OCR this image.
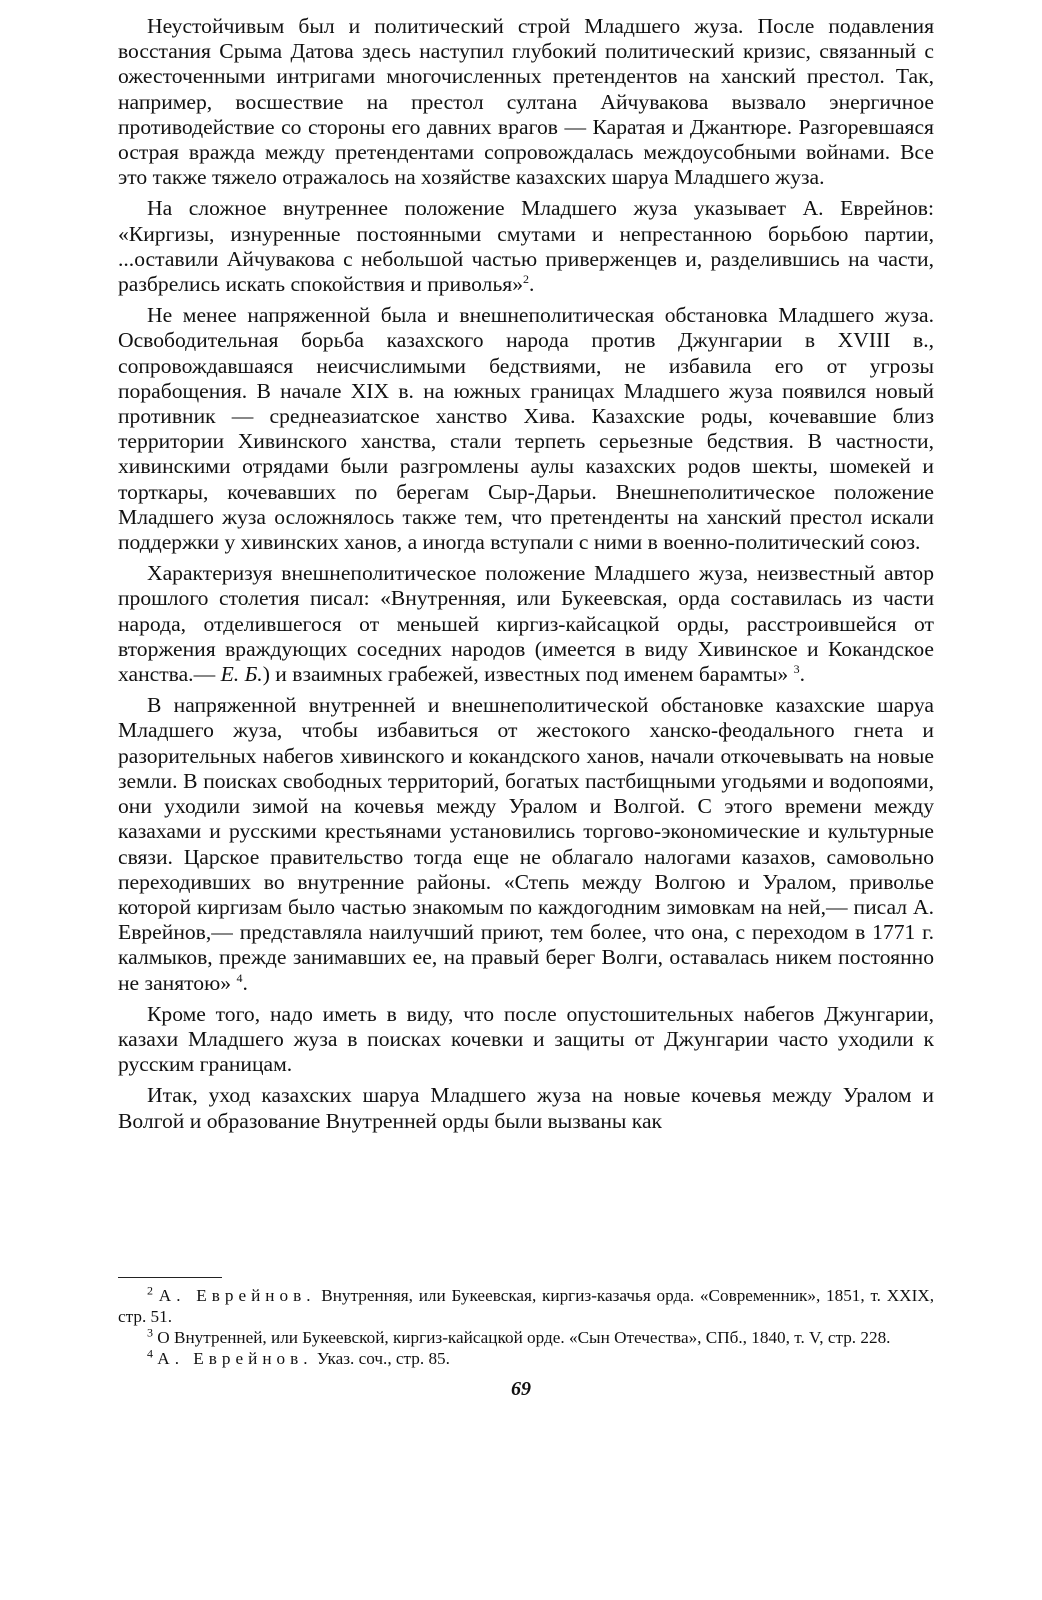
Неустойчивым был и политический строй Младшего жуза. После подавления восстания Срыма Датова здесь наступил глубокий политический кризис, связанный с ожесточенными интригами многочисленных претендентов на ханский престол. Так, например, восшествие на престол султана Айчувакова вызвало энергичное противодействие со стороны его давних врагов — Каратая и Джантюре. Разгоревшаяся острая вражда между претендентами сопровождалась междоусобными войнами. Все это также тяжело отражалось на хозяйстве казахских шаруа Младшего жуза.

На сложное внутреннее положение Младшего жуза указывает А. Еврейнов: «Киргизы, изнуренные постоянными смутами и непрестанною борьбою партии, ...оставили Айчувакова с небольшой частью приверженцев и, разделившись на части, разбрелись искать спокойствия и приволья»$^2$.

Не менее напряженной была и внешнеполитическая обстановка Младшего жуза. Освободительная борьба казахского народа против Джунгарии в XVIII в., сопровождавшаяся неисчислимыми бедствиями, не избавила его от угрозы порабощения. В начале XIX в. на южных границах Младшего жуза появился новый противник — среднеазиатское ханство Хива. Казахские роды, кочевавшие близ территории Хивинского ханства, стали терпеть серьезные бедствия. В частности, хивинскими отрядами были разгромлены аулы казахских родов шекты, шомекей и торткары, кочевавших по берегам Сыр-Дарьи. Внешнеполитическое положение Младшего жуза осложнялось также тем, что претенденты на ханский престол искали поддержки у хивинских ханов, а иногда вступали с ними в военно-политический союз.

Характеризуя внешнеполитическое положение Младшего жуза, неизвестный автор прошлого столетия писал: «Внутренняя, или Букеевская, орда составилась из части народа, отделившегося от меньшей киргиз-кайсацкой орды, расстроившейся от вторжения враждующих соседних народов (имеется в виду Хивинское и Кокандское ханства.— Е. Б.) и взаимных грабежей, известных под именем барамты» $^3$.

В напряженной внутренней и внешнеполитической обстановке казахские шаруа Младшего жуза, чтобы избавиться от жестокого ханско-феодального гнета и разорительных набегов хивинского и кокандского ханов, начали откочевывать на новые земли. В поисках свободных территорий, богатых пастбищными угодьями и водопоями, они уходили зимой на кочевья между Уралом и Волгой. С этого времени между казахами и русскими крестьянами установились торгово-экономические и культурные связи. Царское правительство тогда еще не облагало налогами казахов, самовольно переходивших во внутренние районы. «Степь между Волгою и Уралом, приволье которой киргизам было частью знакомым по каждогодним зимовкам на ней,— писал А. Еврейнов,— представляла наилучший приют, тем более, что она, с переходом в 1771 г. калмыков, прежде занимавших ее, на правый берег Волги, оставалась никем постоянно не занятою» $^4$.

Кроме того, надо иметь в виду, что после опустошительных набегов Джунгарии, казахи Младшего жуза в поисках кочевки и защиты от Джунгарии часто уходили к русским границам.

Итак, уход казахских шаруа Младшего жуза на новые кочевья между Уралом и Волгой и образование Внутренней орды были вызваны как

$^2$ А. Еврейнов. Внутренняя, или Букеевская, киргиз-казачья орда. «Современник», 1851, т. XXIX, стр. 51.

$^3$ О Внутренней, или Букеевской, киргиз-кайсацкой орде. «Сын Отечества», СПб., 1840, т. V, стр. 228.

$^4$ А. Еврейнов. Указ. соч., стр. 85.

69
